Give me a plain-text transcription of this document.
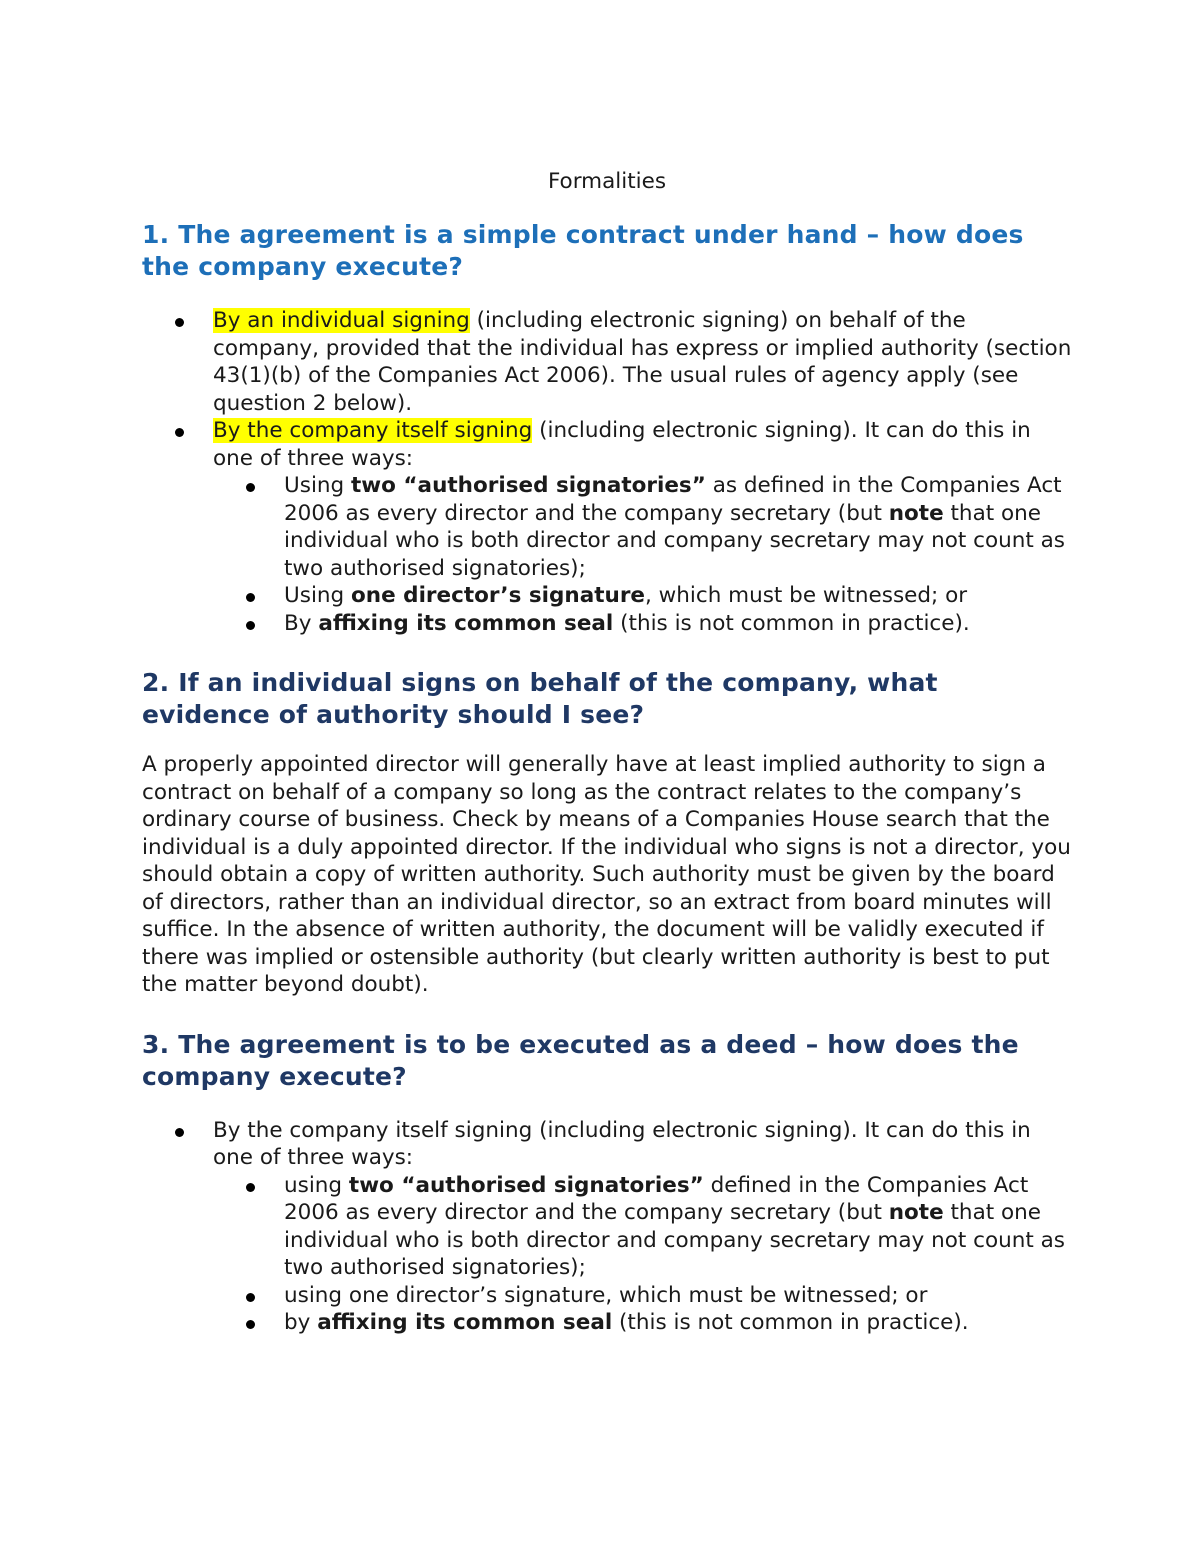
Formalities
1. The agreement is a simple contract under hand – how does the company execute?
By an individual signing (including electronic signing) on behalf of the company, provided that the individual has express or implied authority (section 43(1)(b) of the Companies Act 2006). The usual rules of agency apply (see question 2 below).
By the company itself signing (including electronic signing). It can do this in one of three ways:
Using two “authorised signatories” as defined in the Companies Act 2006 as every director and the company secretary (but note that one individual who is both director and company secretary may not count as two authorised signatories);
Using one director’s signature, which must be witnessed; or
By affixing its common seal (this is not common in practice).
2. If an individual signs on behalf of the company, what evidence of authority should I see?

A properly appointed director will generally have at least implied authority to sign a contract on behalf of a company so long as the contract relates to the company’s ordinary course of business. Check by means of a Companies House search that the individual is a duly appointed director. If the individual who signs is not a director, you should obtain a copy of written authority. Such authority must be given by the board of directors, rather than an individual director, so an extract from board minutes will suffice. In the absence of written authority, the document will be validly executed if there was implied or ostensible authority (but clearly written authority is best to put the matter beyond doubt).

3. The agreement is to be executed as a deed – how does the company execute?
By the company itself signing (including electronic signing). It can do this in one of three ways:
using two “authorised signatories” defined in the Companies Act 2006 as every director and the company secretary (but note that one individual who is both director and company secretary may not count as two authorised signatories);
using one director’s signature, which must be witnessed; or
by affixing its common seal (this is not common in practice).
